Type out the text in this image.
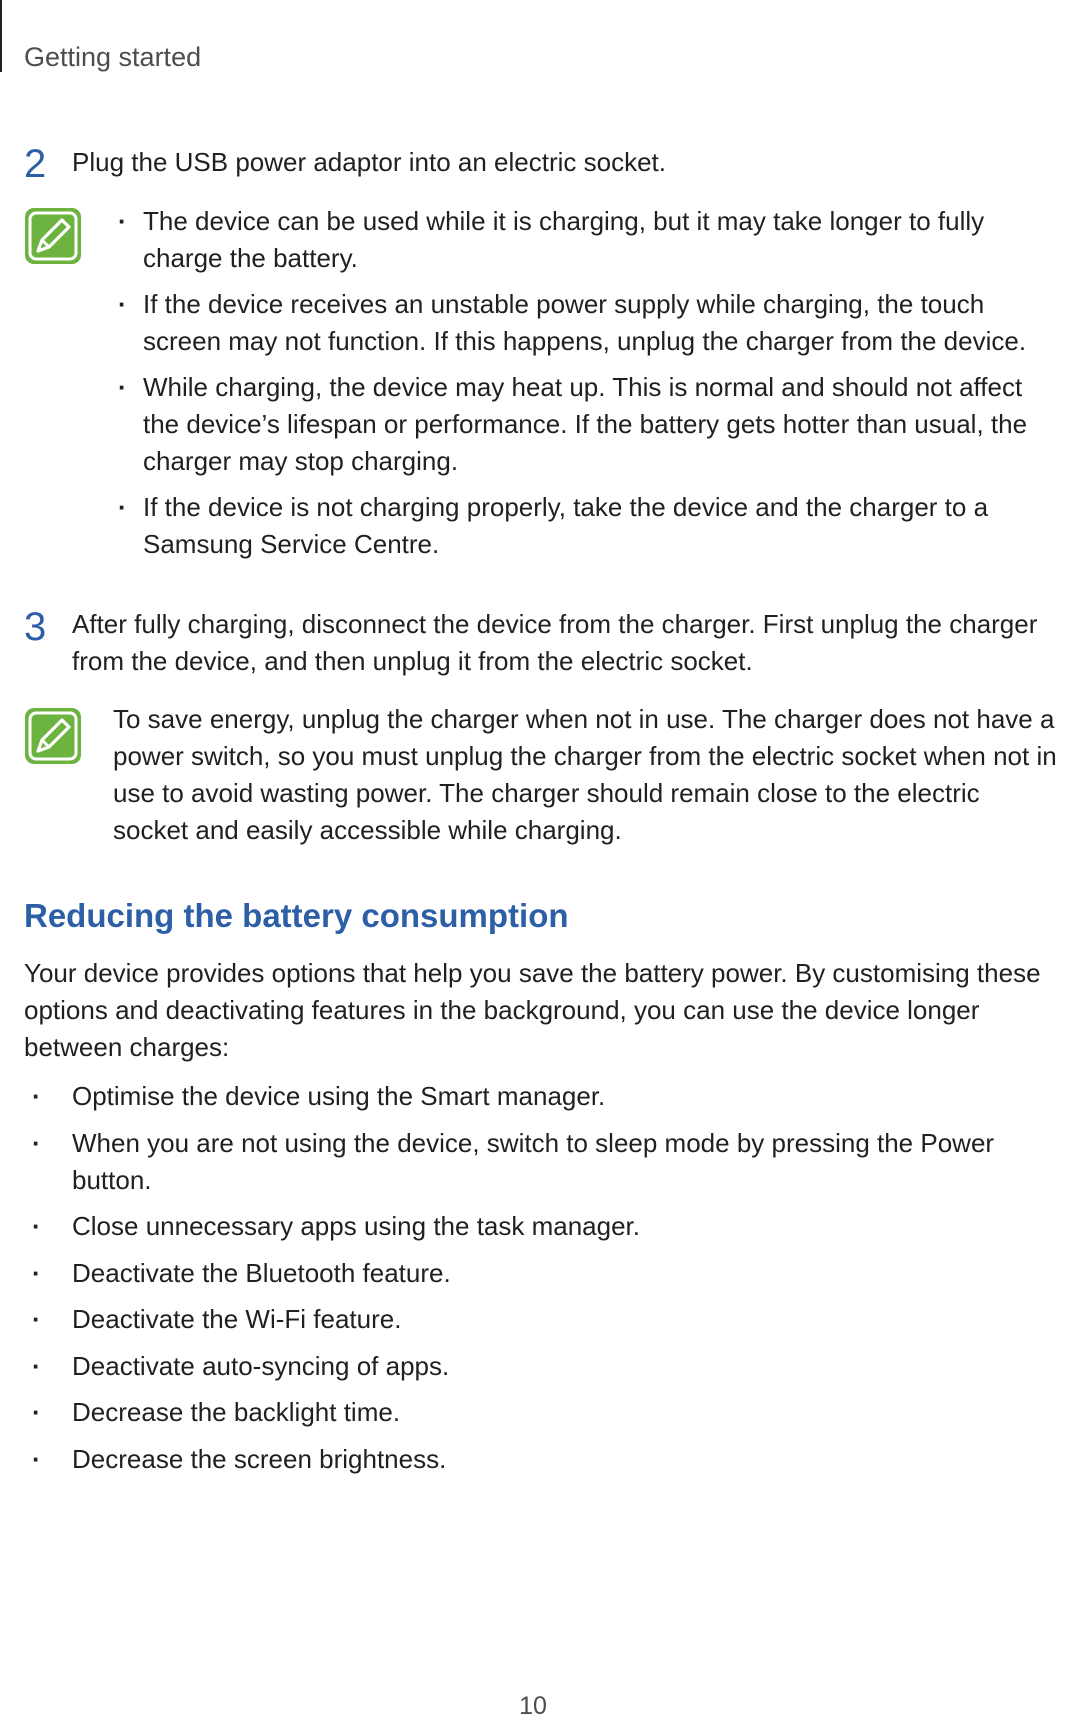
Getting started
2 Plug the USB power adaptor into an electric socket.
· The device can be used while it is charging, but it may take longer to fully charge the battery.
· If the device receives an unstable power supply while charging, the touch screen may not function. If this happens, unplug the charger from the device.
· While charging, the device may heat up. This is normal and should not affect the device’s lifespan or performance. If the battery gets hotter than usual, the charger may stop charging.
· If the device is not charging properly, take the device and the charger to a Samsung Service Centre.
3 After fully charging, disconnect the device from the charger. First unplug the charger from the device, and then unplug it from the electric socket.
To save energy, unplug the charger when not in use. The charger does not have a power switch, so you must unplug the charger from the electric socket when not in use to avoid wasting power. The charger should remain close to the electric socket and easily accessible while charging.
Reducing the battery consumption
Your device provides options that help you save the battery power. By customising these options and deactivating features in the background, you can use the device longer between charges:
· Optimise the device using the Smart manager.
· When you are not using the device, switch to sleep mode by pressing the Power button.
· Close unnecessary apps using the task manager.
· Deactivate the Bluetooth feature.
· Deactivate the Wi-Fi feature.
· Deactivate auto-syncing of apps.
· Decrease the backlight time.
· Decrease the screen brightness.
10
